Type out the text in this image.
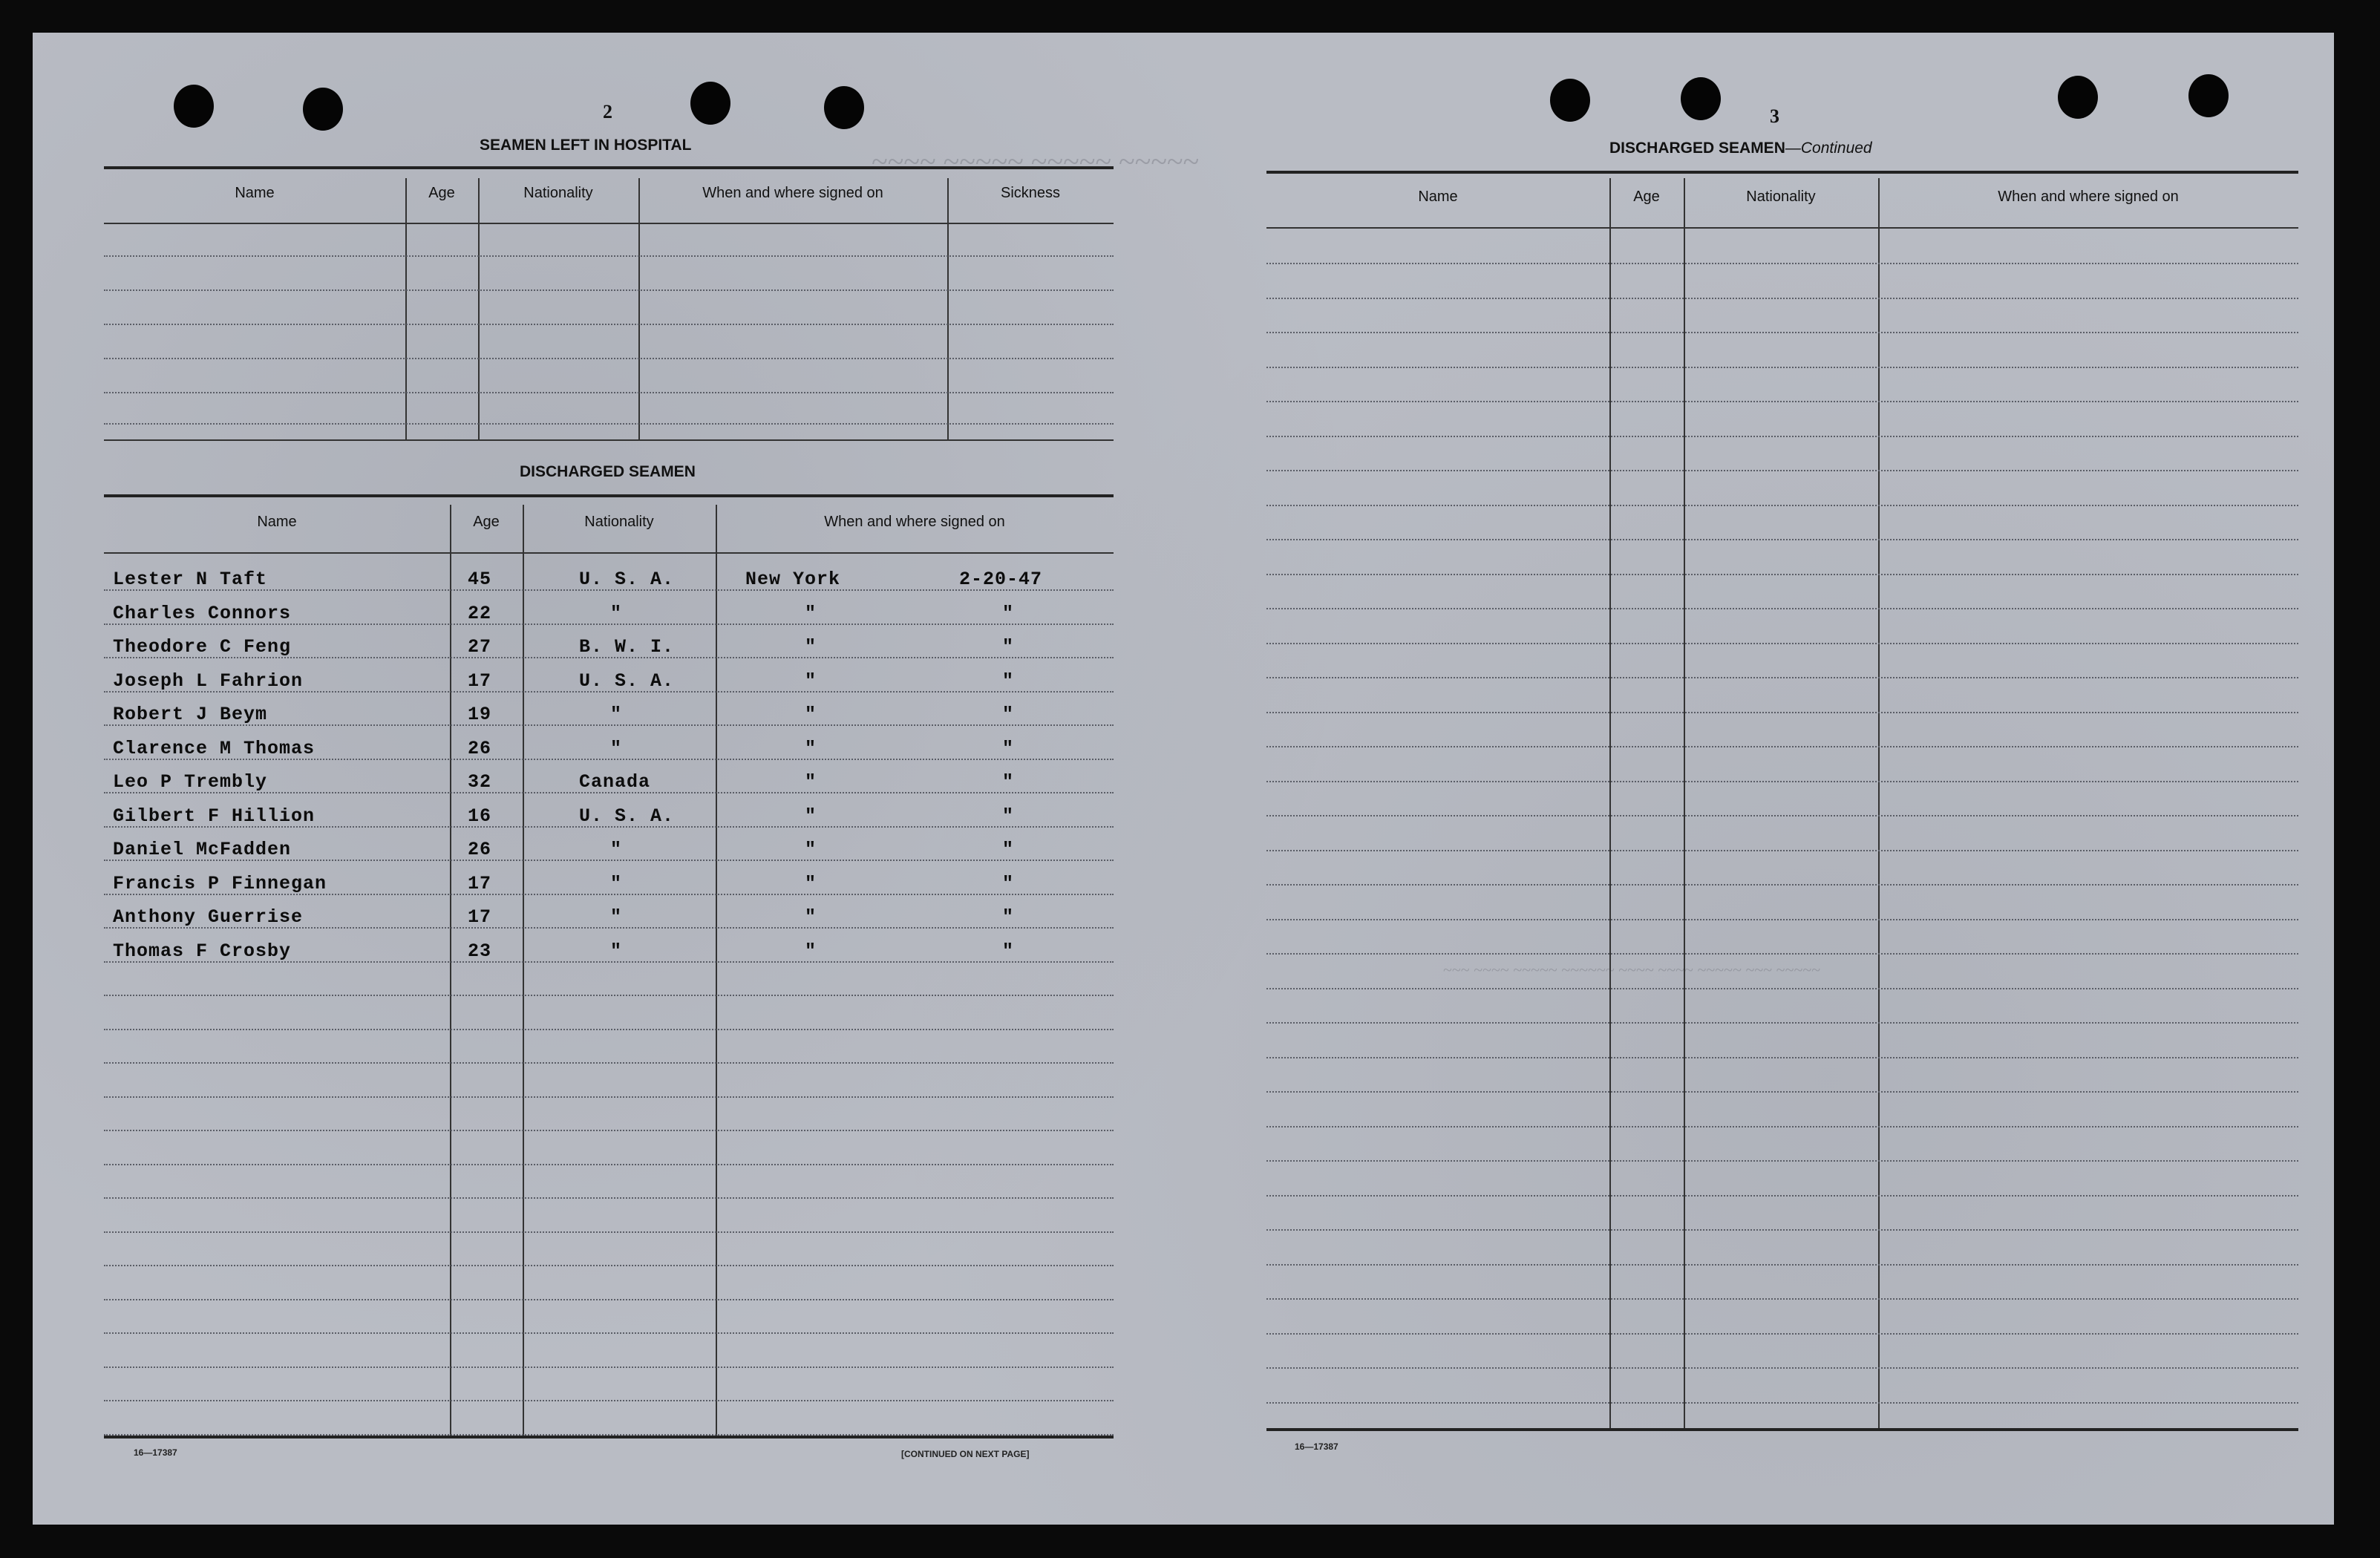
~~~~~ ~~~~~ ~~~~~ ~~~~
~~~ ~~~~ ~~~~~ ~~~~~~ ~~~~ ~~~~ ~~~~~ ~~~ ~~~~~
2
SEAMEN LEFT IN HOSPITAL
Name	Age	Nationality	When and where signed on	Sickness
DISCHARGED SEAMEN
Name	Age	Nationality	When and where signed on
Lester N Taft	45	U. S. A.	New York	2-20-47
Charles Connors	22	"	"	"
Theodore C Feng	27	B. W. I.	"	"
Joseph L Fahrion	17	U. S. A.	"	"
Robert J Beym	19	"	"	"
Clarence M Thomas	26	"	"	"
Leo P Trembly	32	Canada	"	"
Gilbert F Hillion	16	U. S. A.	"	"
Daniel McFadden	26	"	"	"
Francis P Finnegan	17	"	"	"
Anthony Guerrise	17	"	"	"
Thomas F Crosby	23	"	"	"
16—17387	[CONTINUED ON NEXT PAGE]
3
DISCHARGED SEAMEN—Continued
Name	Age	Nationality	When and where signed on
16—17387
